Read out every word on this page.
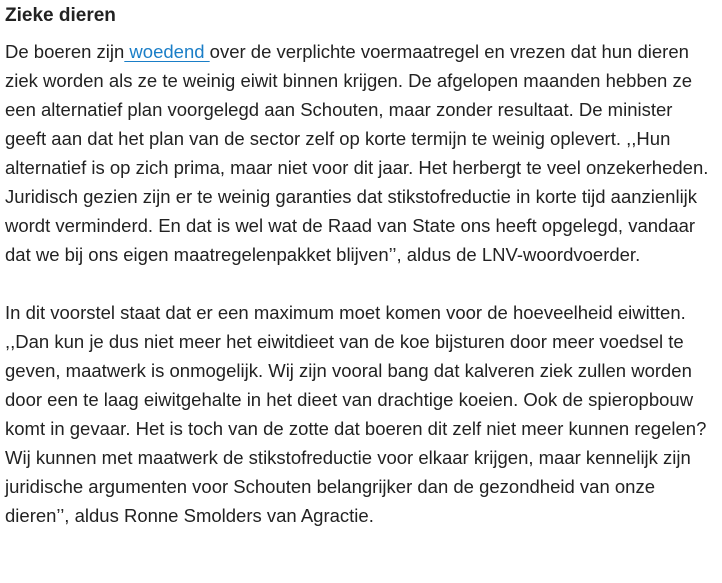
Zieke dieren

De boeren zijn woedend over de verplichte voermaatregel en vrezen dat hun dieren ziek worden als ze te weinig eiwit binnen krijgen. De afgelopen maanden hebben ze een alternatief plan voorgelegd aan Schouten, maar zonder resultaat. De minister geeft aan dat het plan van de sector zelf op korte termijn te weinig oplevert. ,,Hun alternatief is op zich prima, maar niet voor dit jaar. Het herbergt te veel onzekerheden. Juridisch gezien zijn er te weinig garanties dat stikstofreductie in korte tijd aanzienlijk wordt verminderd. En dat is wel wat de Raad van State ons heeft opgelegd, vandaar dat we bij ons eigen maatregelenpakket blijven’’, aldus de LNV-woordvoerder.

In dit voorstel staat dat er een maximum moet komen voor de hoeveelheid eiwitten. ,,Dan kun je dus niet meer het eiwitdieet van de koe bijsturen door meer voedsel te geven, maatwerk is onmogelijk. Wij zijn vooral bang dat kalveren ziek zullen worden door een te laag eiwitgehalte in het dieet van drachtige koeien. Ook de spieropbouw komt in gevaar. Het is toch van de zotte dat boeren dit zelf niet meer kunnen regelen? Wij kunnen met maatwerk de stikstofreductie voor elkaar krijgen, maar kennelijk zijn juridische argumenten voor Schouten belangrijker dan de gezondheid van onze dieren’’, aldus Ronne Smolders van Agractie.
